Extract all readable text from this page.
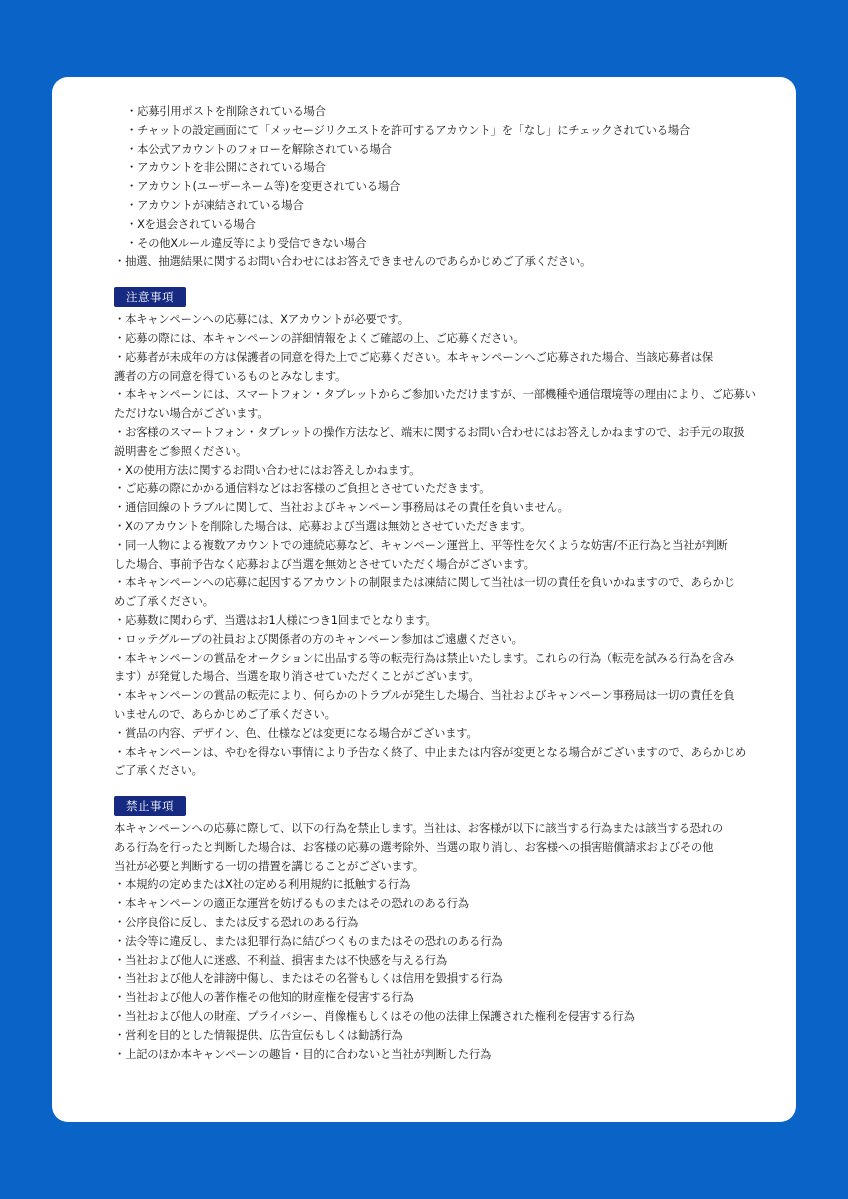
・応募引用ポストを削除されている場合
・チャットの設定画面にて「メッセージリクエストを許可するアカウント」を「なし」にチェックされている場合
・本公式アカウントのフォローを解除されている場合
・アカウントを非公開にされている場合
・アカウント(ユーザーネーム等)を変更されている場合
・アカウントが凍結されている場合
・Xを退会されている場合
・その他Xルール違反等により受信できない場合
・抽選、抽選結果に関するお問い合わせにはお答えできませんのであらかじめご了承ください。
注意事項
・本キャンペーンへの応募には、Xアカウントが必要です。
・応募の際には、本キャンペーンの詳細情報をよくご確認の上、ご応募ください。
・応募者が未成年の方は保護者の同意を得た上でご応募ください。本キャンペーンへご応募された場合、当該応募者は保
護者の方の同意を得ているものとみなします。
・本キャンペーンには、スマートフォン・タブレットからご参加いただけますが、一部機種や通信環境等の理由により、ご応募い
ただけない場合がございます。
・お客様のスマートフォン・タブレットの操作方法など、端末に関するお問い合わせにはお答えしかねますので、お手元の取扱
説明書をご参照ください。
・Xの使用方法に関するお問い合わせにはお答えしかねます。
・ご応募の際にかかる通信料などはお客様のご負担とさせていただきます。
・通信回線のトラブルに関して、当社およびキャンペーン事務局はその責任を負いません。
・Xのアカウントを削除した場合は、応募および当選は無効とさせていただきます。
・同一人物による複数アカウントでの連続応募など、キャンペーン運営上、平等性を欠くような妨害/不正行為と当社が判断
した場合、事前予告なく応募および当選を無効とさせていただく場合がございます。
・本キャンペーンへの応募に起因するアカウントの制限または凍結に関して当社は一切の責任を負いかねますので、あらかじ
めご了承ください。
・応募数に関わらず、当選はお1人様につき1回までとなります。
・ロッテグループの社員および関係者の方のキャンペーン参加はご遠慮ください。
・本キャンペーンの賞品をオークションに出品する等の転売行為は禁止いたします。これらの行為（転売を試みる行為を含み
ます）が発覚した場合、当選を取り消させていただくことがございます。
・本キャンペーンの賞品の転売により、何らかのトラブルが発生した場合、当社およびキャンペーン事務局は一切の責任を負
いませんので、あらかじめご了承ください。
・賞品の内容、デザイン、色、仕様などは変更になる場合がございます。
・本キャンペーンは、やむを得ない事情により予告なく終了、中止または内容が変更となる場合がございますので、あらかじめ
ご了承ください。
禁止事項
本キャンペーンへの応募に際して、以下の行為を禁止します。当社は、お客様が以下に該当する行為または該当する恐れの
ある行為を行ったと判断した場合は、お客様の応募の選考除外、当選の取り消し、お客様への損害賠償請求およびその他
当社が必要と判断する一切の措置を講じることがございます。
・本規約の定めまたはX社の定める利用規約に抵触する行為
・本キャンペーンの適正な運営を妨げるものまたはその恐れのある行為
・公序良俗に反し、または反する恐れのある行為
・法令等に違反し、または犯罪行為に結びつくものまたはその恐れのある行為
・当社および他人に迷惑、不利益、損害または不快感を与える行為
・当社および他人を誹謗中傷し、またはその名誉もしくは信用を毀損する行為
・当社および他人の著作権その他知的財産権を侵害する行為
・当社および他人の財産、プライバシー、肖像権もしくはその他の法律上保護された権利を侵害する行為
・営利を目的とした情報提供、広告宣伝もしくは勧誘行為
・上記のほか本キャンペーンの趣旨・目的に合わないと当社が判断した行為
